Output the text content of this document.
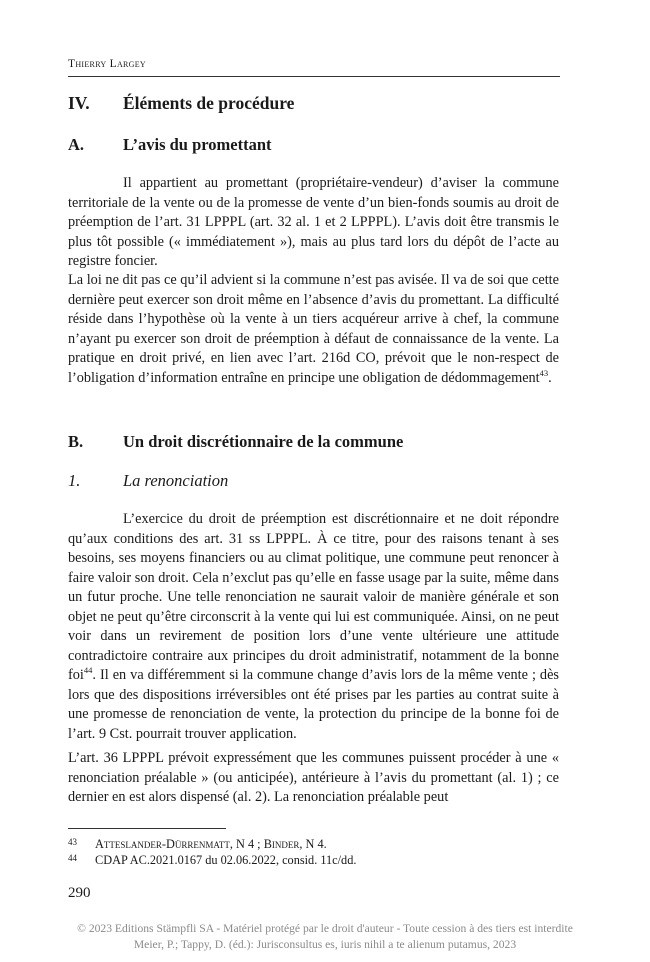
Thierry Largey
IV. Éléments de procédure
A. L’avis du promettant

Il appartient au promettant (propriétaire-vendeur) d’aviser la commune territoriale de la vente ou de la promesse de vente d’un bien-fonds soumis au droit de préemption de l’art. 31 LPPPL (art. 32 al. 1 et 2 LPPPL). L’avis doit être transmis le plus tôt possible (« immédiatement »), mais au plus tard lors du dépôt de l’acte au registre foncier.

La loi ne dit pas ce qu’il advient si la commune n’est pas avisée. Il va de soi que cette dernière peut exercer son droit même en l’absence d’avis du promettant. La difficulté réside dans l’hypothèse où la vente à un tiers acquéreur arrive à chef, la commune n’ayant pu exercer son droit de préemption à défaut de connaissance de la vente. La pratique en droit privé, en lien avec l’art. 216d CO, prévoit que le non-respect de l’obligation d’information entraîne en principe une obligation de dédommagement$^{43}$.

B. Un droit discrétionnaire de la commune
1.	La renonciation

L’exercice du droit de préemption est discrétionnaire et ne doit répondre qu’aux conditions des art. 31 ss LPPPL. À ce titre, pour des raisons tenant à ses besoins, ses moyens financiers ou au climat politique, une commune peut renoncer à faire valoir son droit. Cela n’exclut pas qu’elle en fasse usage par la suite, même dans un futur proche. Une telle renonciation ne saurait valoir de manière générale et son objet ne peut qu’être circonscrit à la vente qui lui est communiquée. Ainsi, on ne peut voir dans un revirement de position lors d’une vente ultérieure une attitude contradictoire contraire aux principes du droit administratif, notamment de la bonne foi$^{44}$. Il en va différemment si la commune change d’avis lors de la même vente ; dès lors que des dispositions irréversibles ont été prises par les parties au contrat suite à une promesse de renonciation de vente, la protection du principe de la bonne foi de l’art. 9 Cst. pourrait trouver application.

L’art. 36 LPPPL prévoit expressément que les communes puissent procéder à une « renonciation préalable » (ou anticipée), antérieure à l’avis du promettant (al. 1) ; ce dernier en est alors dispensé (al. 2). La renonciation préalable peut

43 Atteslander-Dürrenmatt, N 4 ; Binder, N 4.
44 CDAP AC.2021.0167 du 02.06.2022, consid. 11c/dd.
290
© 2023 Editions Stämpfli SA - Matériel protégé par le droit d'auteur - Toute cession à des tiers est interdite
Meier, P.; Tappy, D. (éd.): Jurisconsultus es, iuris nihil a te alienum putamus, 2023
